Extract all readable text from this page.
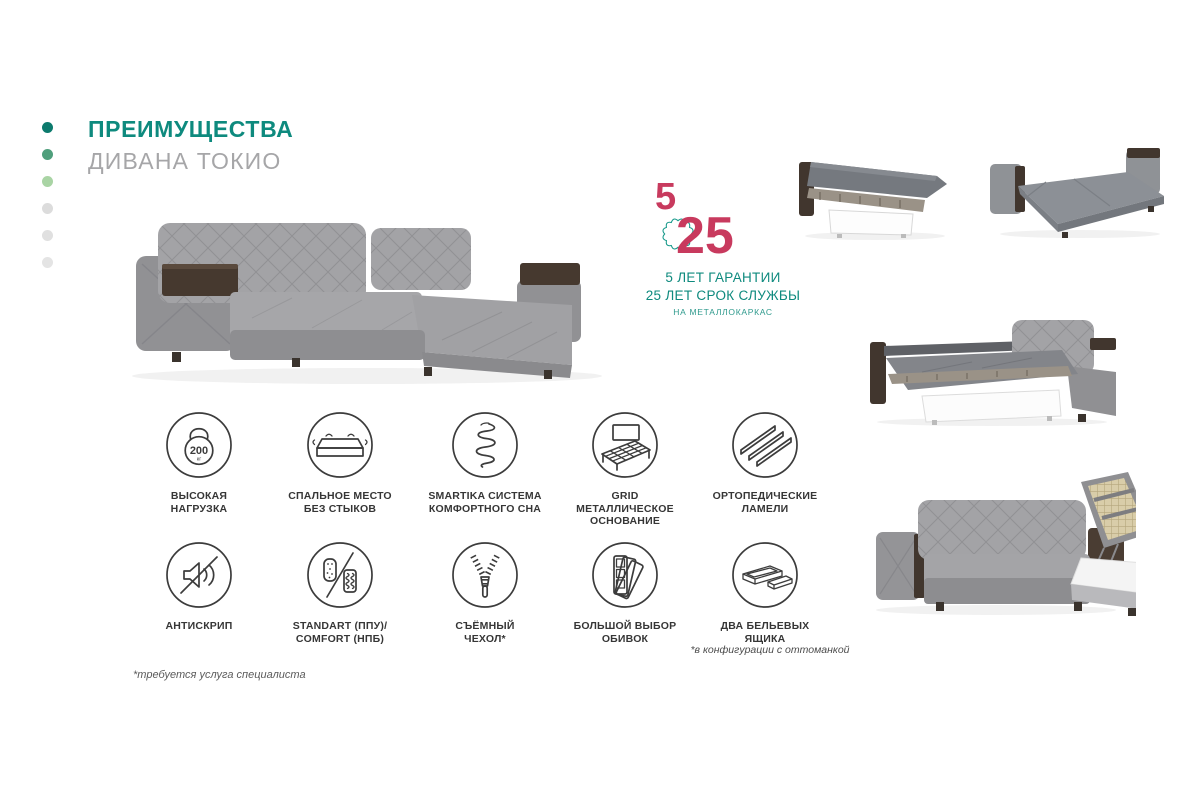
ПРЕИМУЩЕСТВА
ДИВАНА ТОКИО
5
25
5 ЛЕТ ГАРАНТИИ
25 ЛЕТ СРОК СЛУЖБЫ
НА МЕТАЛЛОКАРКАС
200
кг
ВЫСОКАЯ
НАГРУЗКА
СПАЛЬНОЕ МЕСТО
БЕЗ СТЫКОВ
SMARTIKA СИСТЕМА
КОМФОРТНОГО СНА
GRID
МЕТАЛЛИЧЕСКОЕ
ОСНОВАНИЕ
ОРТОПЕДИЧЕСКИЕ
ЛАМЕЛИ
АНТИСКРИП	STANDART (ППУ)/
COMFORT (НПБ)
СЪЁМНЫЙ
ЧЕХОЛ*
БОЛЬШОЙ ВЫБОР
ОБИВОК
ДВА БЕЛЬЕВЫХ
ЯЩИКА
*в конфигурации с оттоманкой
*требуется услуга специалиста
